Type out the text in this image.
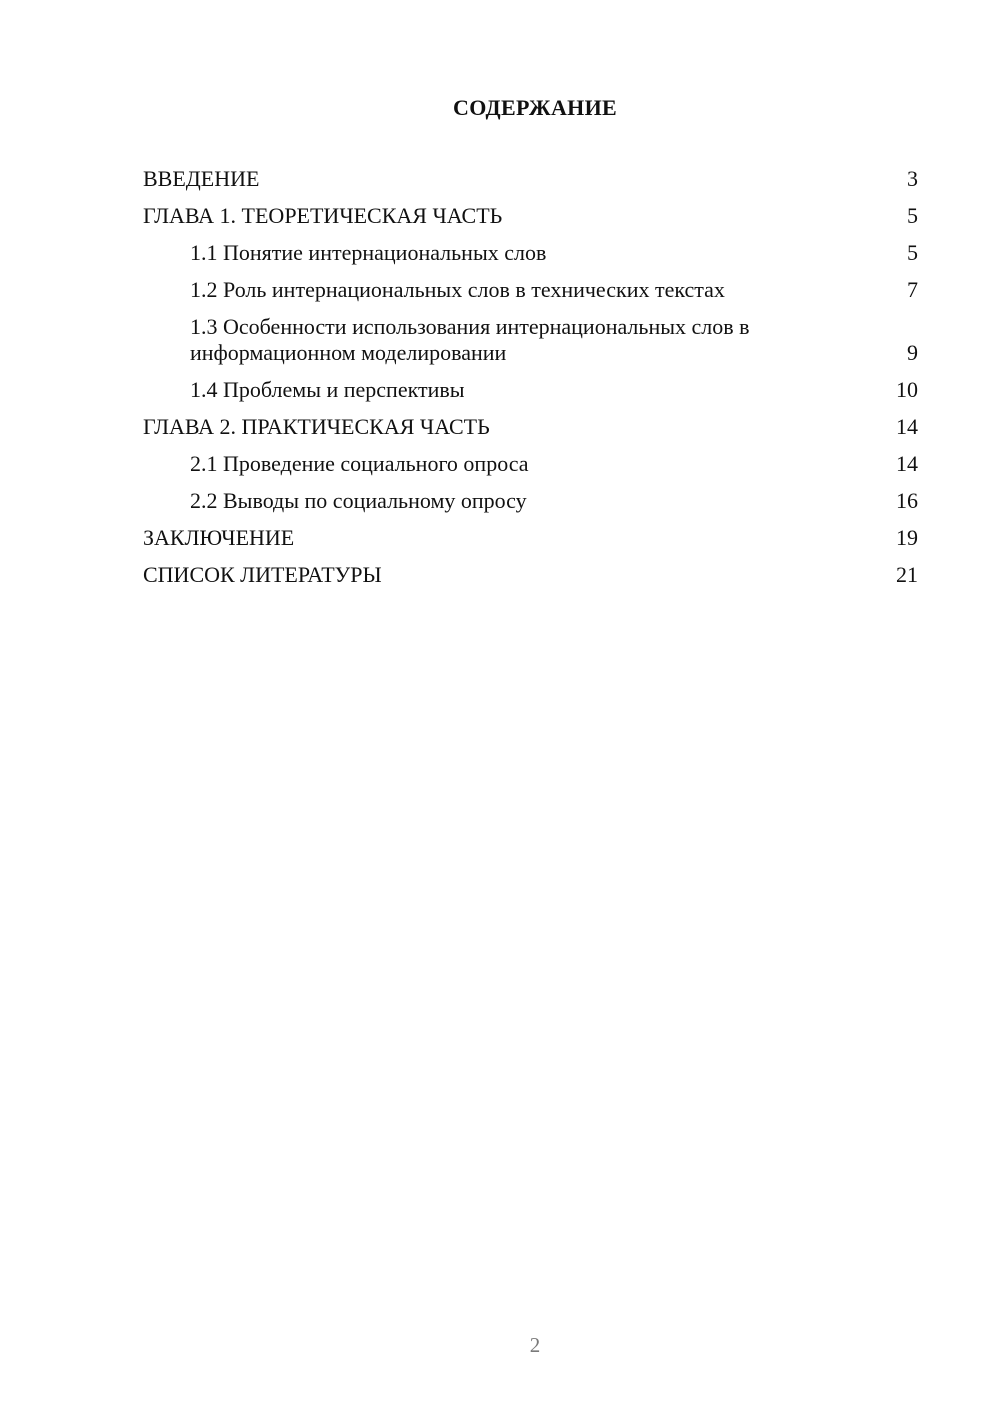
СОДЕРЖАНИЕ
ВВЕДЕНИЕ	3
ГЛАВА 1. ТЕОРЕТИЧЕСКАЯ ЧАСТЬ	5
1.1 Понятие интернациональных слов	5
1.2 Роль интернациональных слов в технических текстах	7
1.3 Особенности использования интернациональных слов в информационном моделировании	9
1.4 Проблемы и перспективы	10
ГЛАВА 2. ПРАКТИЧЕСКАЯ ЧАСТЬ	14
2.1 Проведение социального опроса	14
2.2 Выводы по социальному опросу	16
ЗАКЛЮЧЕНИЕ	19
СПИСОК ЛИТЕРАТУРЫ	21
2
